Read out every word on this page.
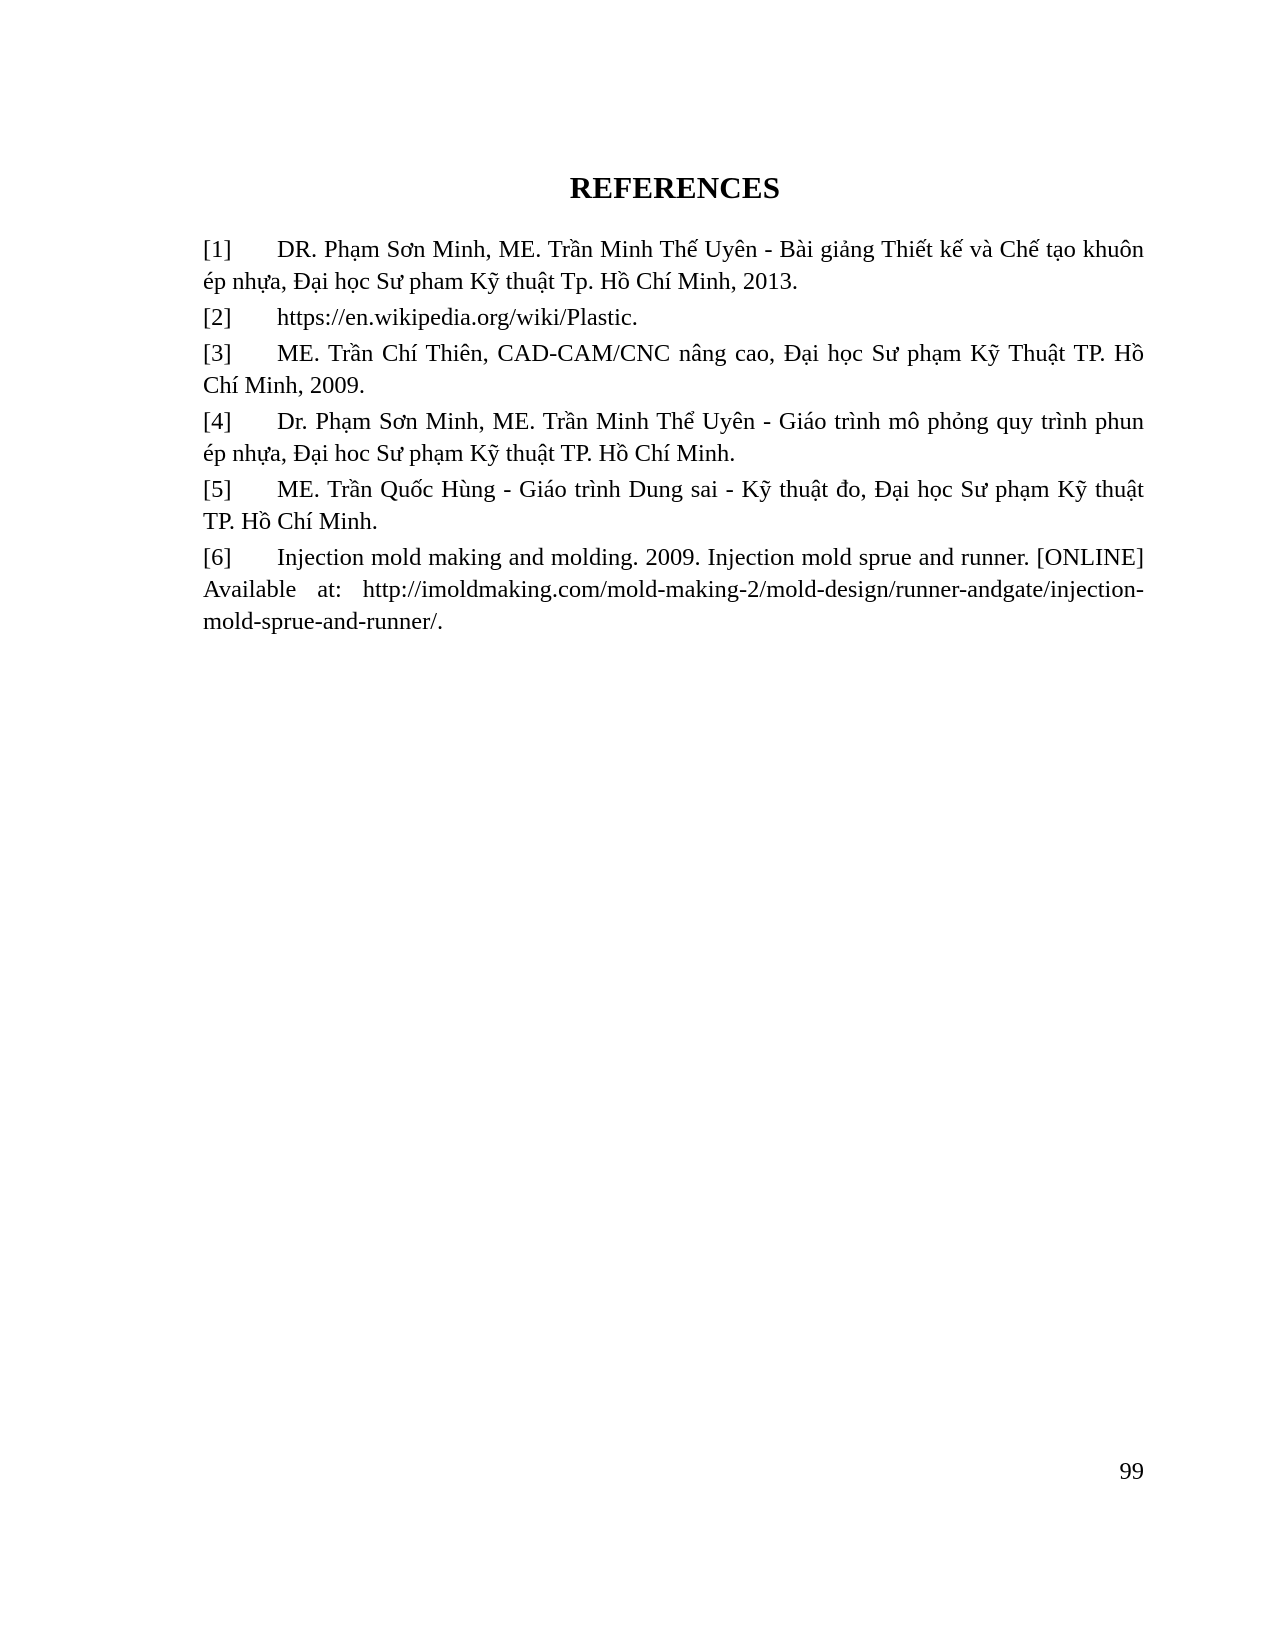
REFERENCES
[1] DR. Phạm Sơn Minh, ME. Trần Minh Thế Uyên - Bài giảng Thiết kế và Chế tạo khuôn ép nhựa, Đại học Sư pham Kỹ thuật Tp. Hồ Chí Minh, 2013.
[2] https://en.wikipedia.org/wiki/Plastic.
[3] ME. Trần Chí Thiên, CAD-CAM/CNC nâng cao, Đại học Sư phạm Kỹ Thuật TP. Hồ Chí Minh, 2009.
[4] Dr. Phạm Sơn Minh, ME. Trần Minh Thể Uyên - Giáo trình mô phỏng quy trình phun ép nhựa, Đại hoc Sư phạm Kỹ thuật TP. Hồ Chí Minh.
[5] ME. Trần Quốc Hùng - Giáo trình Dung sai - Kỹ thuật đo, Đại học Sư phạm Kỹ thuật TP. Hồ Chí Minh.
[6] Injection mold making and molding. 2009. Injection mold sprue and runner. [ONLINE] Available at: http://imoldmaking.com/mold-making-2/mold-design/runner-andgate/injection-mold-sprue-and-runner/.
99
